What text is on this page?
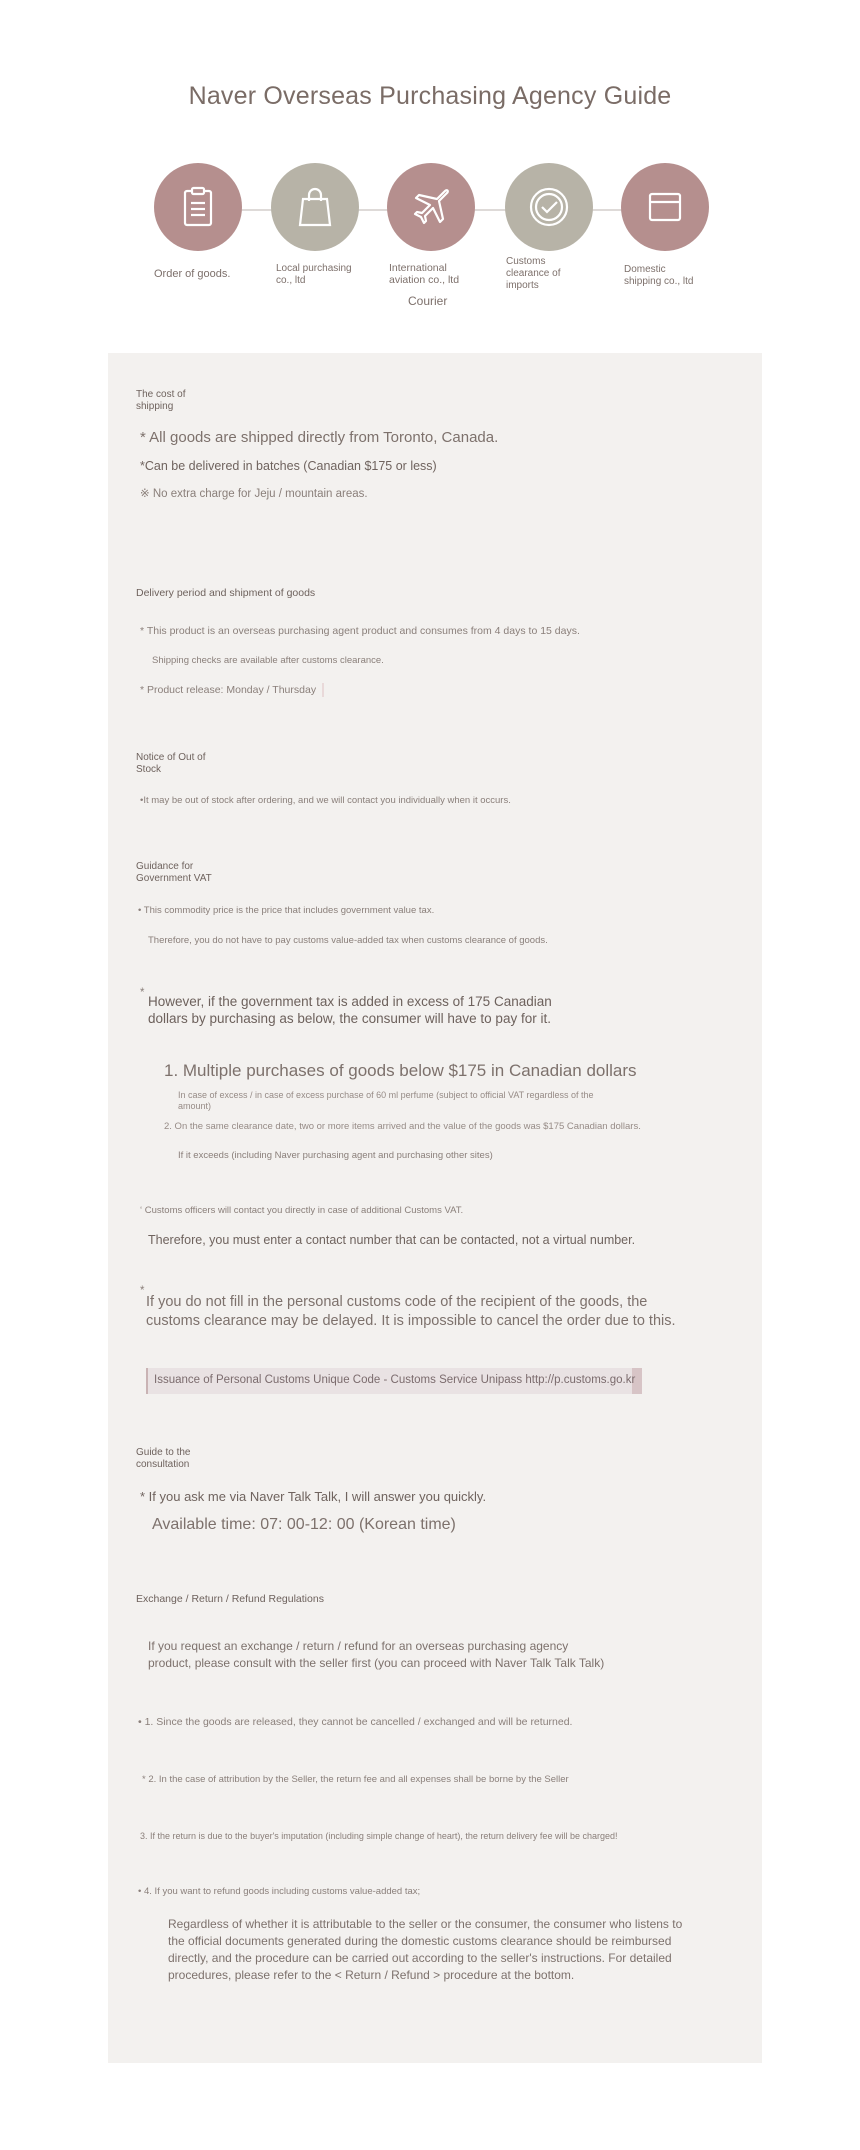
Naver Overseas Purchasing Agency Guide
Order of goods.	Local purchasing co., ltd
International aviation co., ltd
Courier
Customs clearance of imports
Domestic shipping co., ltd
The cost of shipping
* All goods are shipped directly from Toronto, Canada.
*Can be delivered in batches (Canadian $175 or less)
※ No extra charge for Jeju / mountain areas.
Delivery period and shipment of goods
* This product is an overseas purchasing agent product and consumes from 4 days to 15 days.
Shipping checks are available after customs clearance.
* Product release: Monday / Thursday
Notice of Out of Stock
•It may be out of stock after ordering, and we will contact you individually when it occurs.
Guidance for Government VAT
• This commodity price is the price that includes government value tax.
Therefore, you do not have to pay customs value-added tax when customs clearance of goods.
*
However, if the government tax is added in excess of 175 Canadian
dollars by purchasing as below, the consumer will have to pay for it.
1. Multiple purchases of goods below $175 in Canadian dollars
In case of excess / in case of excess purchase of 60 ml perfume (subject to official VAT regardless of the
amount)
2. On the same clearance date, two or more items arrived and the value of the goods was $175 Canadian dollars.
If it exceeds (including Naver purchasing agent and purchasing other sites)
‘ Customs officers will contact you directly in case of additional Customs VAT.
Therefore, you must enter a contact number that can be contacted, not a virtual number.
*
If you do not fill in the personal customs code of the recipient of the goods, the
customs clearance may be delayed. It is impossible to cancel the order due to this.
Issuance of Personal Customs Unique Code - Customs Service Unipass http://p.customs.go.kr
Guide to the consultation
* If you ask me via Naver Talk Talk, I will answer you quickly.
Available time: 07: 00-12: 00 (Korean time)
Exchange / Return / Refund Regulations
If you request an exchange / return / refund for an overseas purchasing agency
product, please consult with the seller first (you can proceed with Naver Talk Talk Talk)
• 1. Since the goods are released, they cannot be cancelled / exchanged and will be returned.
* 2. In the case of attribution by the Seller, the return fee and all expenses shall be borne by the Seller
3. If the return is due to the buyer's imputation (including simple change of heart), the return delivery fee will be charged!
• 4. If you want to refund goods including customs value-added tax;
Regardless of whether it is attributable to the seller or the consumer, the consumer who listens to
the official documents generated during the domestic customs clearance should be reimbursed
directly, and the procedure can be carried out according to the seller's instructions. For detailed
procedures, please refer to the < Return / Refund > procedure at the bottom.
